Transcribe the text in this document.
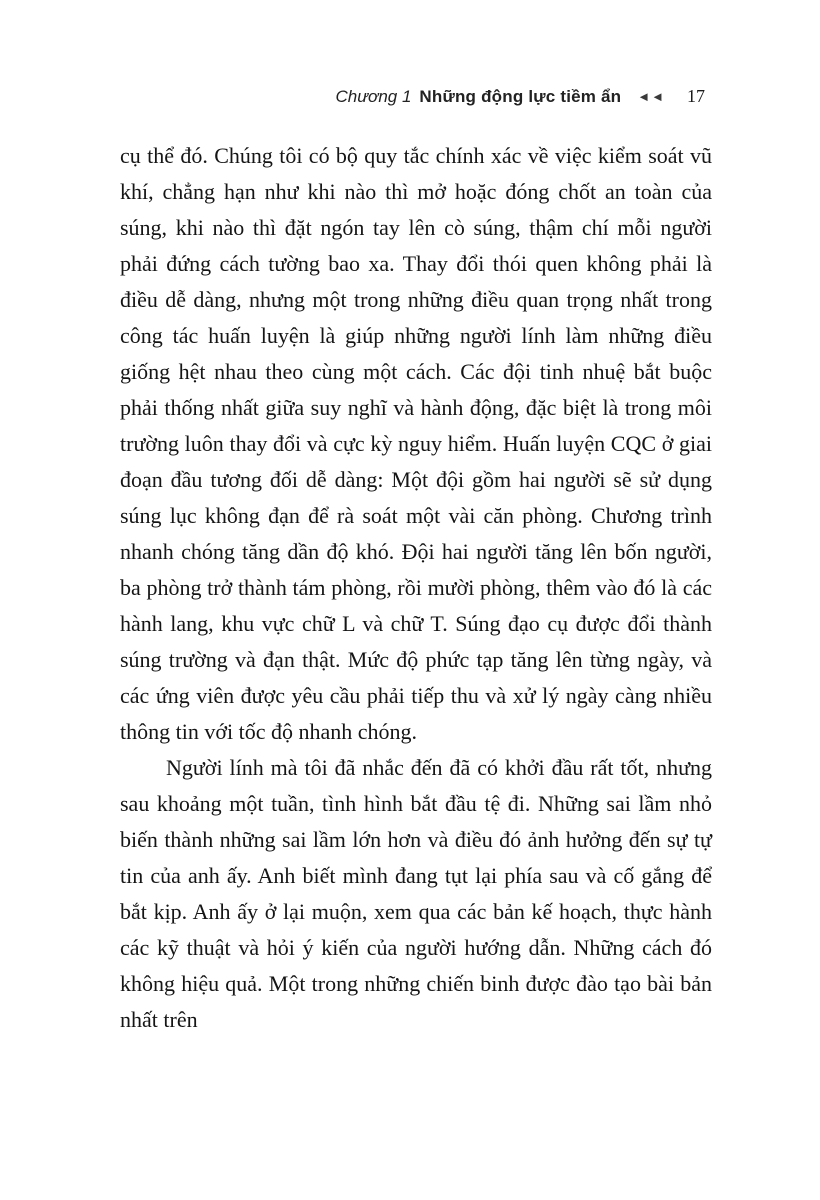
Chương 1 Những động lực tiềm ẩn ◄◄ 17

cụ thể đó. Chúng tôi có bộ quy tắc chính xác về việc kiểm soát vũ khí, chẳng hạn như khi nào thì mở hoặc đóng chốt an toàn của súng, khi nào thì đặt ngón tay lên cò súng, thậm chí mỗi người phải đứng cách tường bao xa. Thay đổi thói quen không phải là điều dễ dàng, nhưng một trong những điều quan trọng nhất trong công tác huấn luyện là giúp những người lính làm những điều giống hệt nhau theo cùng một cách. Các đội tinh nhuệ bắt buộc phải thống nhất giữa suy nghĩ và hành động, đặc biệt là trong môi trường luôn thay đổi và cực kỳ nguy hiểm. Huấn luyện CQC ở giai đoạn đầu tương đối dễ dàng: Một đội gồm hai người sẽ sử dụng súng lục không đạn để rà soát một vài căn phòng. Chương trình nhanh chóng tăng dần độ khó. Đội hai người tăng lên bốn người, ba phòng trở thành tám phòng, rồi mười phòng, thêm vào đó là các hành lang, khu vực chữ L và chữ T. Súng đạo cụ được đổi thành súng trường và đạn thật. Mức độ phức tạp tăng lên từng ngày, và các ứng viên được yêu cầu phải tiếp thu và xử lý ngày càng nhiều thông tin với tốc độ nhanh chóng.

Người lính mà tôi đã nhắc đến đã có khởi đầu rất tốt, nhưng sau khoảng một tuần, tình hình bắt đầu tệ đi. Những sai lầm nhỏ biến thành những sai lầm lớn hơn và điều đó ảnh hưởng đến sự tự tin của anh ấy. Anh biết mình đang tụt lại phía sau và cố gắng để bắt kịp. Anh ấy ở lại muộn, xem qua các bản kế hoạch, thực hành các kỹ thuật và hỏi ý kiến của người hướng dẫn. Những cách đó không hiệu quả. Một trong những chiến binh được đào tạo bài bản nhất trên
